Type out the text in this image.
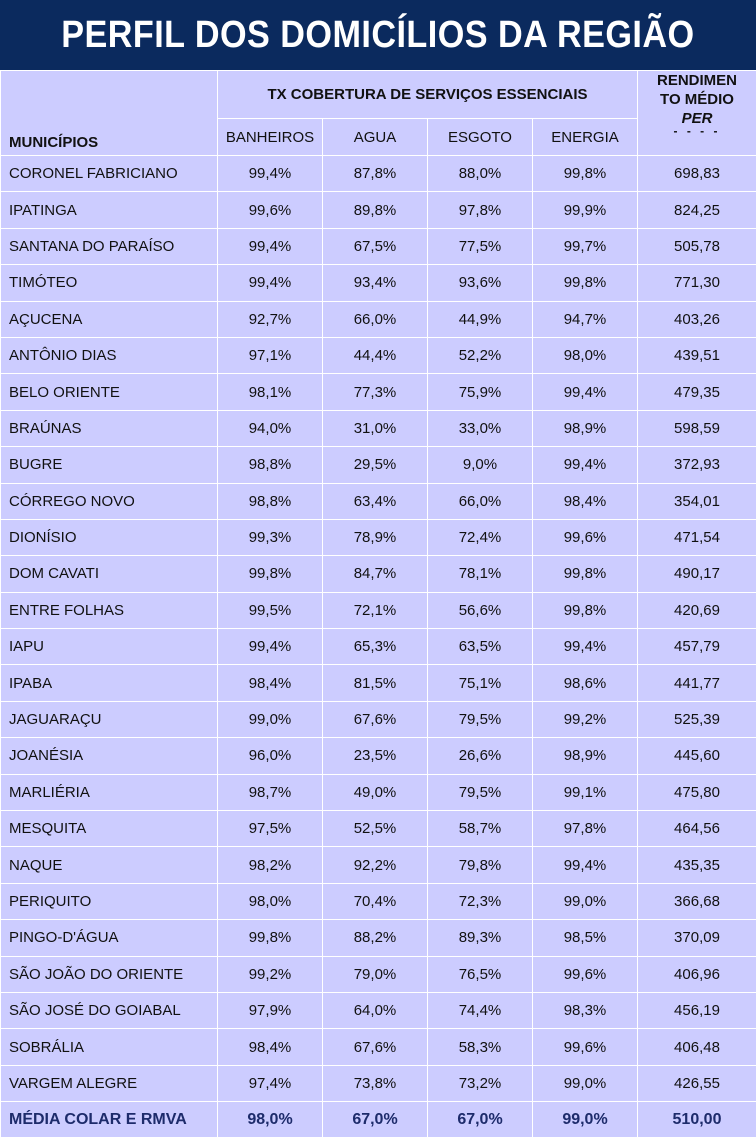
PERFIL DOS DOMICÍLIOS DA REGIÃO
MUNICÍPIOS	TX COBERTURA DE SERVIÇOS ESSENCIAIS				RENDIMEN
TO MÉDIO
PER
- - - -

	BANHEIROS	AGUA	ESGOTO	ENERGIA	
CORONEL FABRICIANO	99,4%	87,8%	88,0%	99,8%	698,83
IPATINGA	99,6%	89,8%	97,8%	99,9%	824,25
SANTANA DO PARAÍSO	99,4%	67,5%	77,5%	99,7%	505,78
TIMÓTEO	99,4%	93,4%	93,6%	99,8%	771,30
AÇUCENA	92,7%	66,0%	44,9%	94,7%	403,26
ANTÔNIO DIAS	97,1%	44,4%	52,2%	98,0%	439,51
BELO ORIENTE	98,1%	77,3%	75,9%	99,4%	479,35
BRAÚNAS	94,0%	31,0%	33,0%	98,9%	598,59
BUGRE	98,8%	29,5%	9,0%	99,4%	372,93
CÓRREGO NOVO	98,8%	63,4%	66,0%	98,4%	354,01
DIONÍSIO	99,3%	78,9%	72,4%	99,6%	471,54
DOM CAVATI	99,8%	84,7%	78,1%	99,8%	490,17
ENTRE FOLHAS	99,5%	72,1%	56,6%	99,8%	420,69
IAPU	99,4%	65,3%	63,5%	99,4%	457,79
IPABA	98,4%	81,5%	75,1%	98,6%	441,77
JAGUARAÇU	99,0%	67,6%	79,5%	99,2%	525,39
JOANÉSIA	96,0%	23,5%	26,6%	98,9%	445,60
MARLIÉRIA	98,7%	49,0%	79,5%	99,1%	475,80
MESQUITA	97,5%	52,5%	58,7%	97,8%	464,56
NAQUE	98,2%	92,2%	79,8%	99,4%	435,35
PERIQUITO	98,0%	70,4%	72,3%	99,0%	366,68
PINGO-D'ÁGUA	99,8%	88,2%	89,3%	98,5%	370,09
SÃO JOÃO DO ORIENTE	99,2%	79,0%	76,5%	99,6%	406,96
SÃO JOSÉ DO GOIABAL	97,9%	64,0%	74,4%	98,3%	456,19
SOBRÁLIA	98,4%	67,6%	58,3%	99,6%	406,48
VARGEM ALEGRE	97,4%	73,8%	73,2%	99,0%	426,55
MÉDIA COLAR E RMVA	98,0%	67,0%	67,0%	99,0%	510,00
